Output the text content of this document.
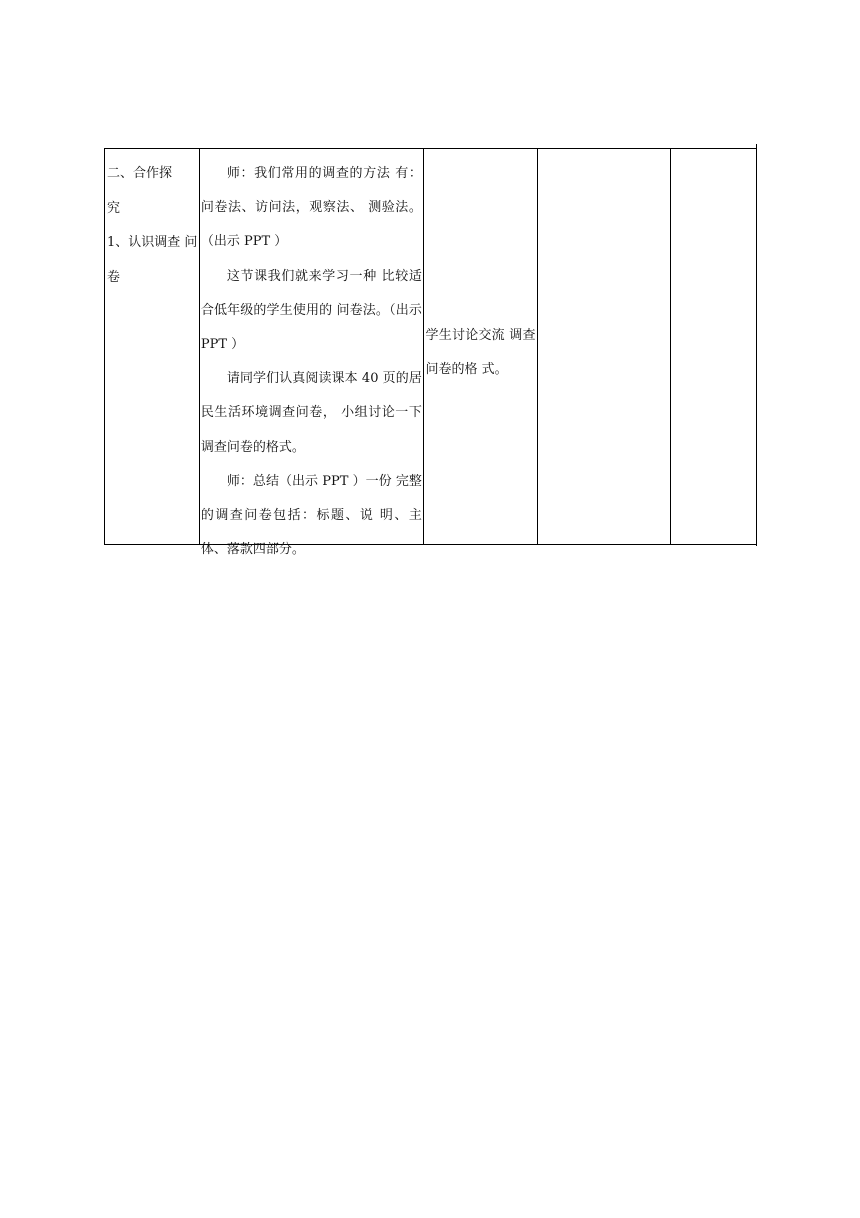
二、合作探
究
1、认识调查 问
卷

师：我们常用的调查的方法 有：问卷法、访问法，观察法、 测验法。（出示 PPT ）

这节课我们就来学习一种 比较适合低年级的学生使用的 问卷法。（出示 PPT ）

请同学们认真阅读课本 40 页的居民生活环境调查问卷， 小组讨论一下调查问卷的格式。

师：总结（出示 PPT ）一份 完整的调查问卷包括：标题、说 明、主体、落款四部分。

学生讨论交流 调查问卷的格 式。
